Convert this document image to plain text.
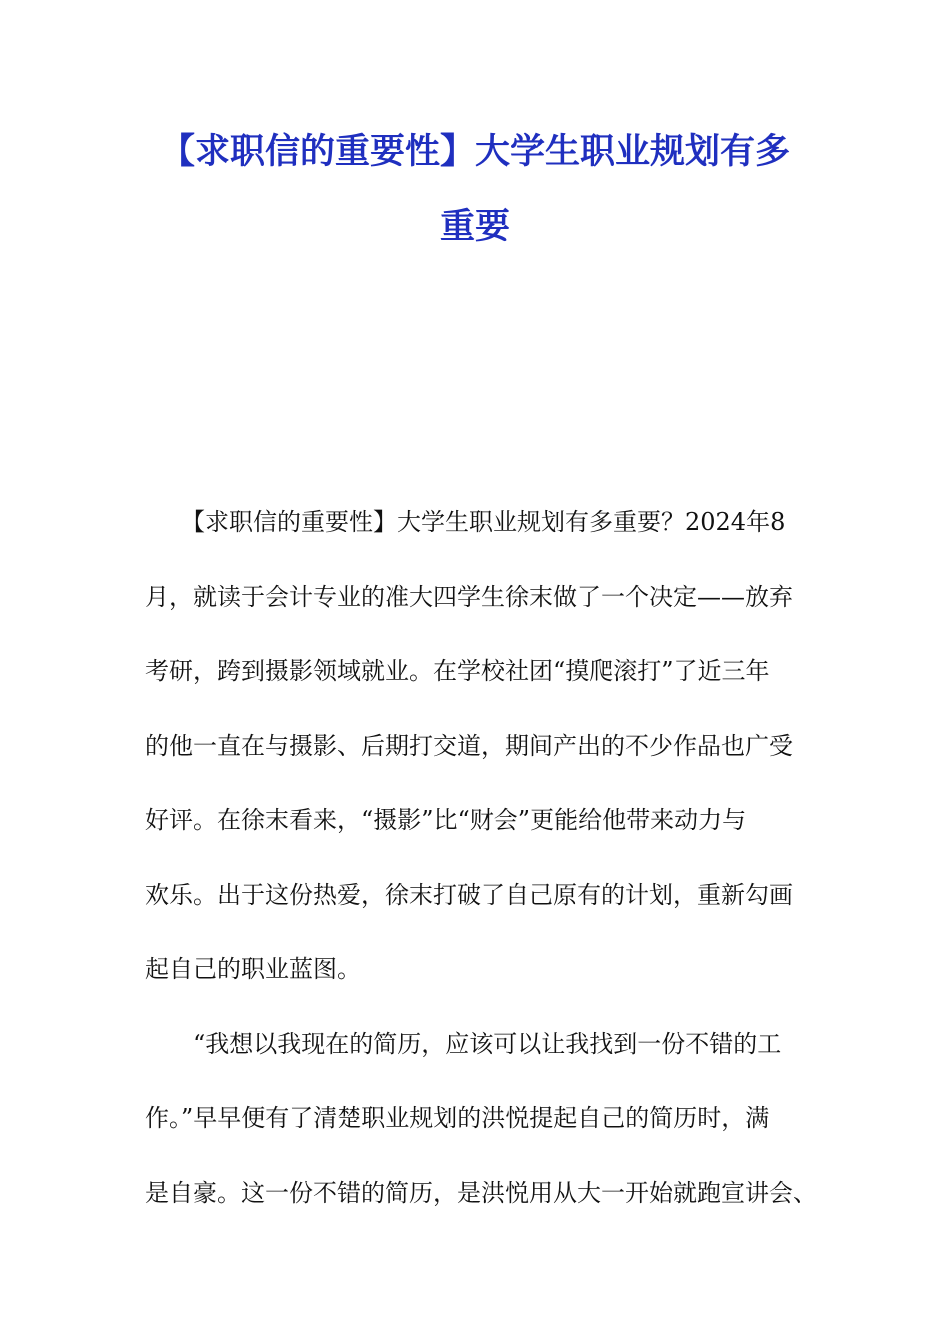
【求职信的重要性】大学生职业规划有多
重要

　　【求职信的重要性】大学生职业规划有多重要？2024年8

月，就读于会计专业的准大四学生徐末做了一个决定——放弃

考研，跨到摄影领域就业。在学校社团“摸爬滚打”了近三年

的他一直在与摄影、后期打交道，期间产出的不少作品也广受

好评。在徐末看来，“摄影”比“财会”更能给他带来动力与

欢乐。出于这份热爱，徐末打破了自己原有的计划，重新勾画

起自己的职业蓝图。

　　“我想以我现在的简历，应该可以让我找到一份不错的工

作。”早早便有了清楚职业规划的洪悦提起自己的简历时，满

是自豪。这一份不错的简历，是洪悦用从大一开始就跑宣讲会、
